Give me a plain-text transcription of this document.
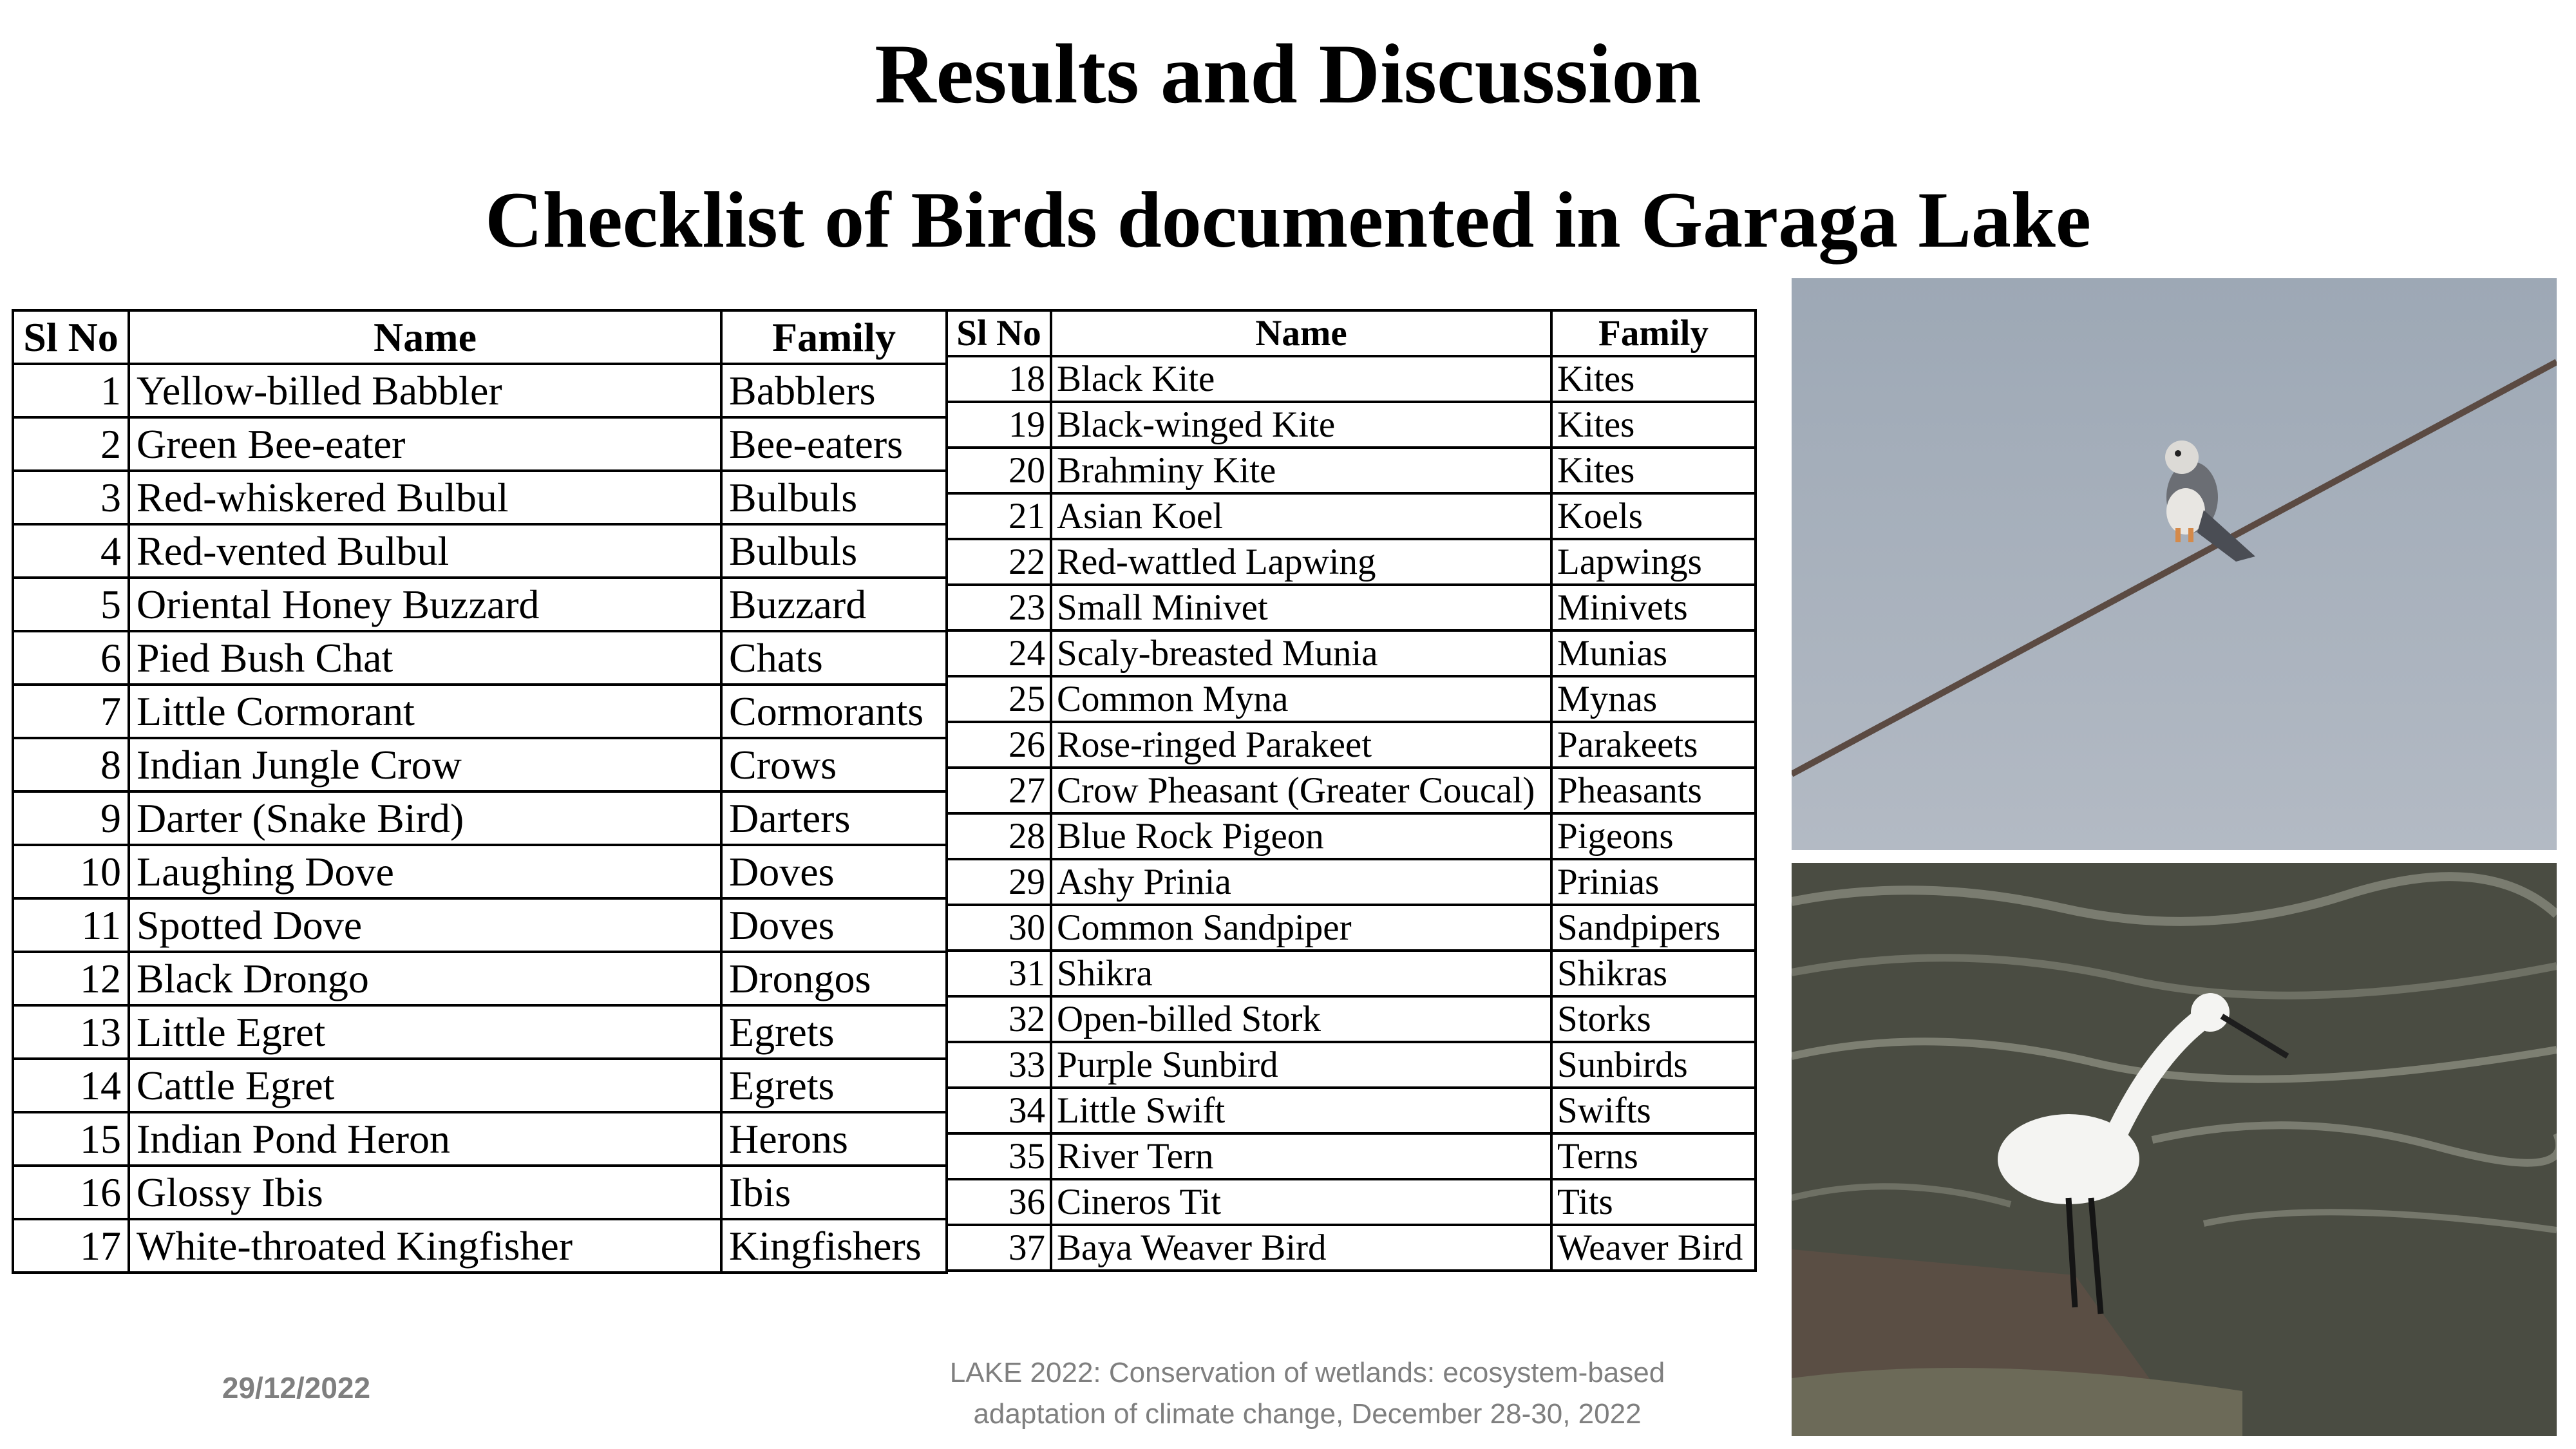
Results and Discussion
Checklist of Birds documented in Garaga Lake
Sl No	Name	Family
1	Yellow-billed Babbler	Babblers
2	Green Bee-eater	Bee-eaters
3	Red-whiskered Bulbul	Bulbuls
4	Red-vented Bulbul	Bulbuls
5	Oriental Honey Buzzard	Buzzard
6	Pied Bush Chat	Chats
7	Little Cormorant	Cormorants
8	Indian Jungle Crow	Crows
9	Darter (Snake Bird)	Darters
10	Laughing Dove	Doves
11	Spotted Dove	Doves
12	Black Drongo	Drongos
13	Little Egret	Egrets
14	Cattle Egret	Egrets
15	Indian Pond Heron	Herons
16	Glossy Ibis	Ibis
17	White-throated Kingfisher	Kingfishers
Sl No	Name	Family
18	Black Kite	Kites
19	Black-winged Kite	Kites
20	Brahminy Kite	Kites
21	Asian Koel	Koels
22	Red-wattled Lapwing	Lapwings
23	Small Minivet	Minivets
24	Scaly-breasted Munia	Munias
25	Common Myna	Mynas
26	Rose-ringed Parakeet	Parakeets
27	Crow Pheasant (Greater Coucal)	Pheasants
28	Blue Rock Pigeon	Pigeons
29	Ashy Prinia	Prinias
30	Common Sandpiper	Sandpipers
31	Shikra	Shikras
32	Open-billed Stork	Storks
33	Purple Sunbird	Sunbirds
34	Little Swift	Swifts
35	River Tern	Terns
36	Cineros Tit	Tits
37	Baya Weaver Bird	Weaver Bird
29/12/2022	LAKE 2022: Conservation of wetlands: ecosystem-based
adaptation of climate change, December 28-30, 2022
